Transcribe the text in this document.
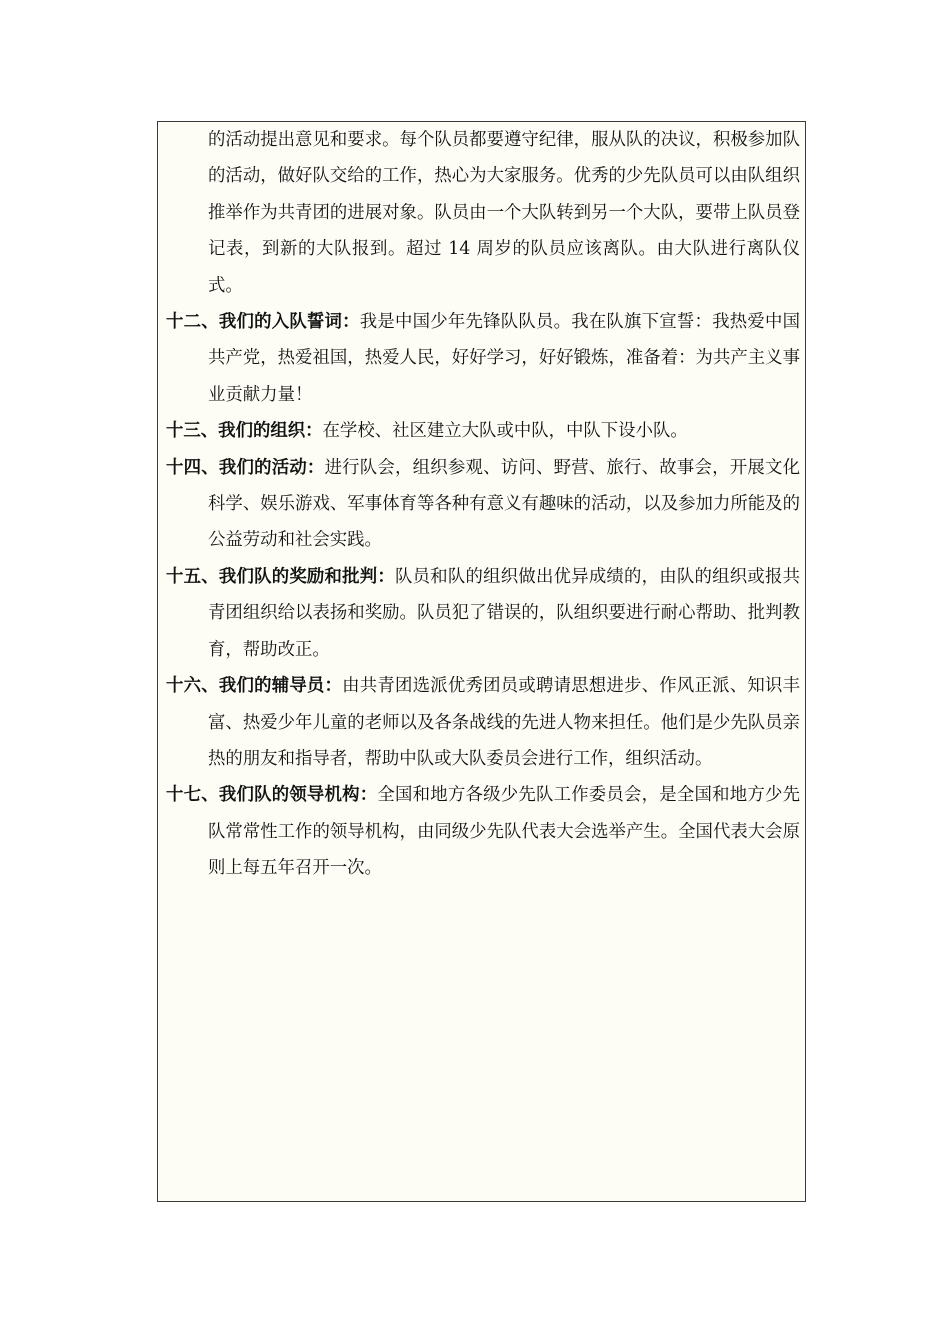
的活动提出意见和要求。每个队员都要遵守纪律，服从队的决议，积极参加队的活动，做好队交给的工作，热心为大家服务。优秀的少先队员可以由队组织推举作为共青团的进展对象。队员由一个大队转到另一个大队，要带上队员登记表，到新的大队报到。超过 14 周岁的队员应该离队。由大队进行离队仪式。

十二、我们的入队誓词：我是中国少年先锋队队员。我在队旗下宣誓：我热爱中国共产党，热爱祖国，热爱人民，好好学习，好好锻炼，准备着：为共产主义事业贡献力量！

十三、我们的组织：在学校、社区建立大队或中队，中队下设小队。

十四、我们的活动：进行队会，组织参观、访问、野营、旅行、故事会，开展文化科学、娱乐游戏、军事体育等各种有意义有趣味的活动，以及参加力所能及的公益劳动和社会实践。

十五、我们队的奖励和批判：队员和队的组织做出优异成绩的，由队的组织或报共青团组织给以表扬和奖励。队员犯了错误的，队组织要进行耐心帮助、批判教育，帮助改正。

十六、我们的辅导员：由共青团选派优秀团员或聘请思想进步、作风正派、知识丰富、热爱少年儿童的老师以及各条战线的先进人物来担任。他们是少先队员亲热的朋友和指导者，帮助中队或大队委员会进行工作，组织活动。

十七、我们队的领导机构：全国和地方各级少先队工作委员会，是全国和地方少先队常常性工作的领导机构，由同级少先队代表大会选举产生。全国代表大会原则上每五年召开一次。
